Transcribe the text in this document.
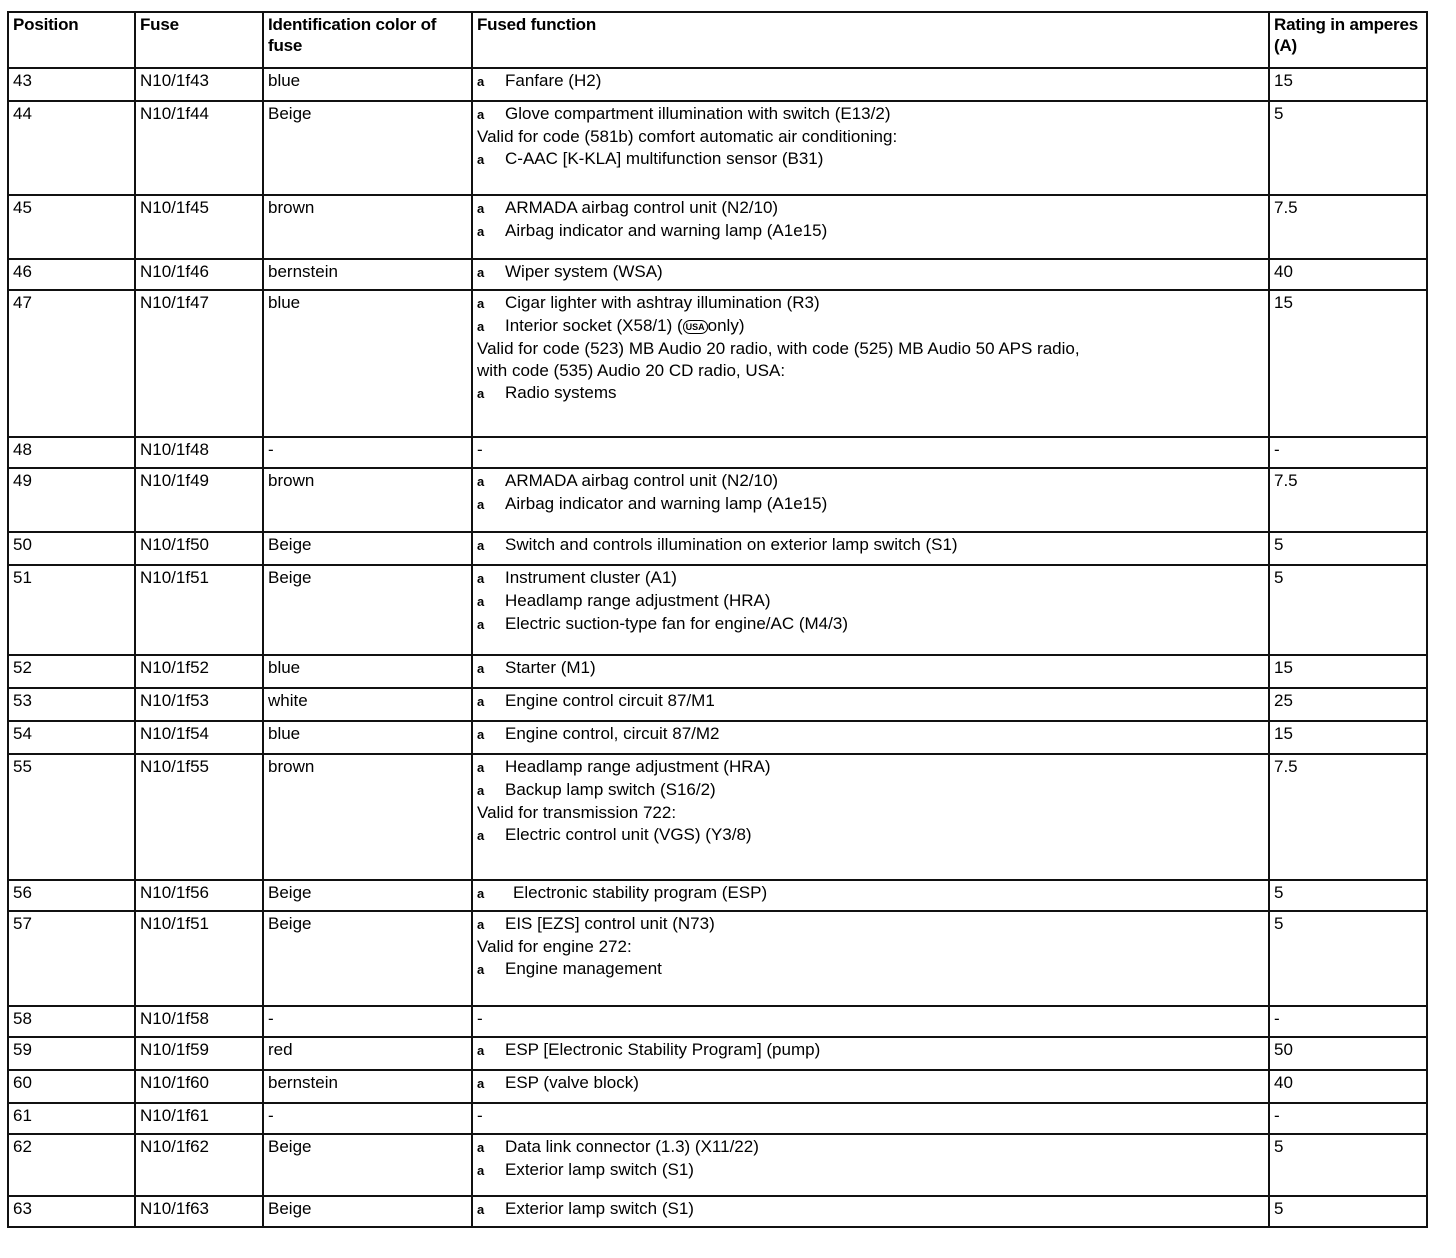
Position	Fuse	Identification color of fuse	Fused function	Rating in amperes (A)
43	N10/1f43	blue	a Fanfare (H2)	15
44	N10/1f44	Beige	a Glove compartment illumination with switch (E13/2)
Valid for code (581b) comfort automatic air conditioning:
a C-AAC [K-KLA] multifunction sensor (B31)	5
45	N10/1f45	brown	a ARMADA airbag control unit (N2/10)
a Airbag indicator and warning lamp (A1e15)	7.5
46	N10/1f46	bernstein	a Wiper system (WSA)	40
47	N10/1f47	blue	a Cigar lighter with ashtray illumination (R3)
a Interior socket (X58/1) ( USA only)
Valid for code (523) MB Audio 20 radio, with code (525) MB Audio 50 APS radio,
with code (535) Audio 20 CD radio, USA:
a Radio systems	15
48	N10/1f48	-	-	-
49	N10/1f49	brown	a ARMADA airbag control unit (N2/10)
a Airbag indicator and warning lamp (A1e15)	7.5
50	N10/1f50	Beige	a Switch and controls illumination on exterior lamp switch (S1)	5
51	N10/1f51	Beige	a Instrument cluster (A1)
a Headlamp range adjustment (HRA)
a Electric suction-type fan for engine/AC (M4/3)	5
52	N10/1f52	blue	a Starter (M1)	15
53	N10/1f53	white	a Engine control circuit 87/M1	25
54	N10/1f54	blue	a Engine control, circuit 87/M2	15
55	N10/1f55	brown	a Headlamp range adjustment (HRA)
a Backup lamp switch (S16/2)
Valid for transmission 722:
a Electric control unit (VGS) (Y3/8)	7.5
56	N10/1f56	Beige	a Electronic stability program (ESP)	5
57	N10/1f51	Beige	a EIS [EZS] control unit (N73)
Valid for engine 272:
a Engine management	5
58	N10/1f58	-	-	-
59	N10/1f59	red	a ESP [Electronic Stability Program] (pump)	50
60	N10/1f60	bernstein	a ESP (valve block)	40
61	N10/1f61	-	-	-
62	N10/1f62	Beige	a Data link connector (1.3) (X11/22)
a Exterior lamp switch (S1)	5
63	N10/1f63	Beige	a Exterior lamp switch (S1)	5
